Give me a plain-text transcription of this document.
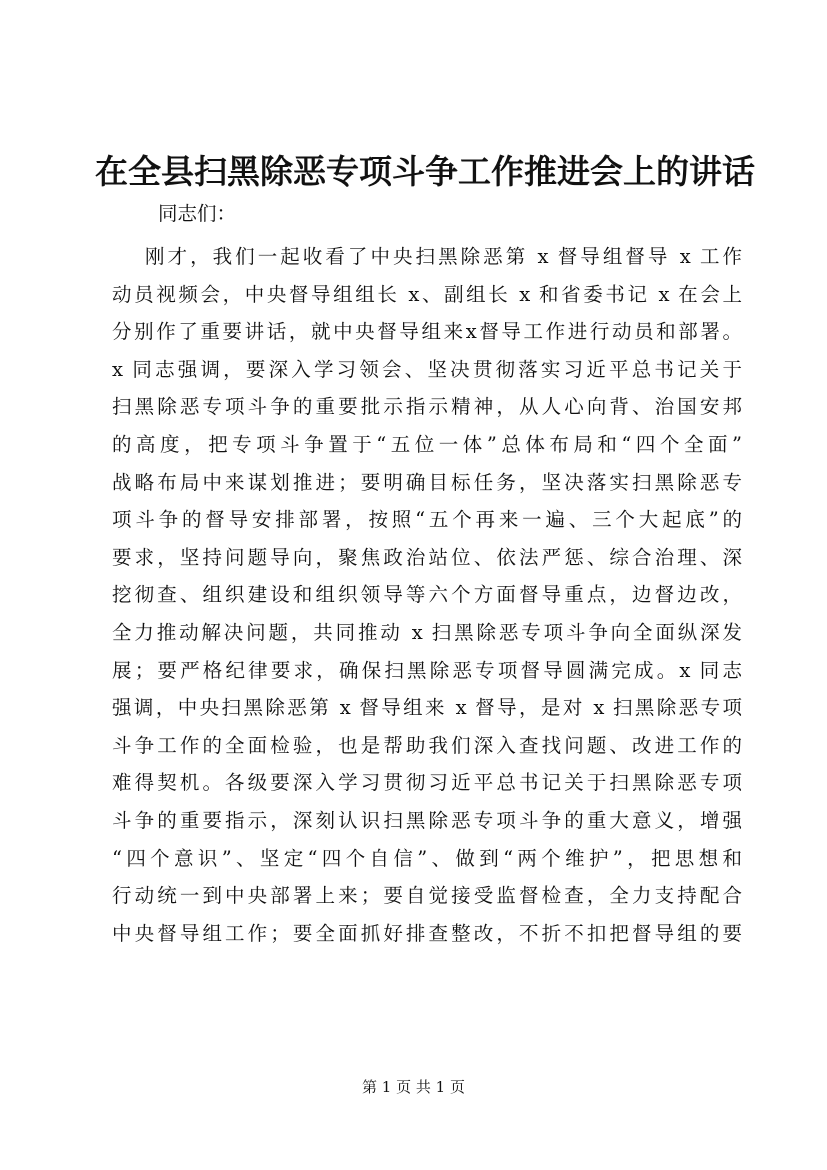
在全县扫黑除恶专项斗争工作推进会上的讲话

同志们：

刚才，我们一起收看了中央扫黑除恶第 x 督导组督导 x 工作
动员视频会，中央督导组组长 x、副组长 x 和省委书记 x 在会上
分别作了重要讲话，就中央督导组来x督导工作进行动员和部署。
x 同志强调，要深入学习领会、坚决贯彻落实习近平总书记关于
扫黑除恶专项斗争的重要批示指示精神，从人心向背、治国安邦
的高度，把专项斗争置于“五位一体”总体布局和“四个全面”
战略布局中来谋划推进；要明确目标任务，坚决落实扫黑除恶专
项斗争的督导安排部署，按照“五个再来一遍、三个大起底”的
要求，坚持问题导向，聚焦政治站位、依法严惩、综合治理、深
挖彻查、组织建设和组织领导等六个方面督导重点，边督边改，
全力推动解决问题，共同推动 x 扫黑除恶专项斗争向全面纵深发
展；要严格纪律要求，确保扫黑除恶专项督导圆满完成。x 同志
强调，中央扫黑除恶第 x 督导组来 x 督导，是对 x 扫黑除恶专项
斗争工作的全面检验，也是帮助我们深入查找问题、改进工作的
难得契机。各级要深入学习贯彻习近平总书记关于扫黑除恶专项
斗争的重要指示，深刻认识扫黑除恶专项斗争的重大意义，增强
“四个意识”、坚定“四个自信”、做到“两个维护”，把思想和
行动统一到中央部署上来；要自觉接受监督检查，全力支持配合
中央督导组工作；要全面抓好排查整改，不折不扣把督导组的要
第 1 页 共 1 页
